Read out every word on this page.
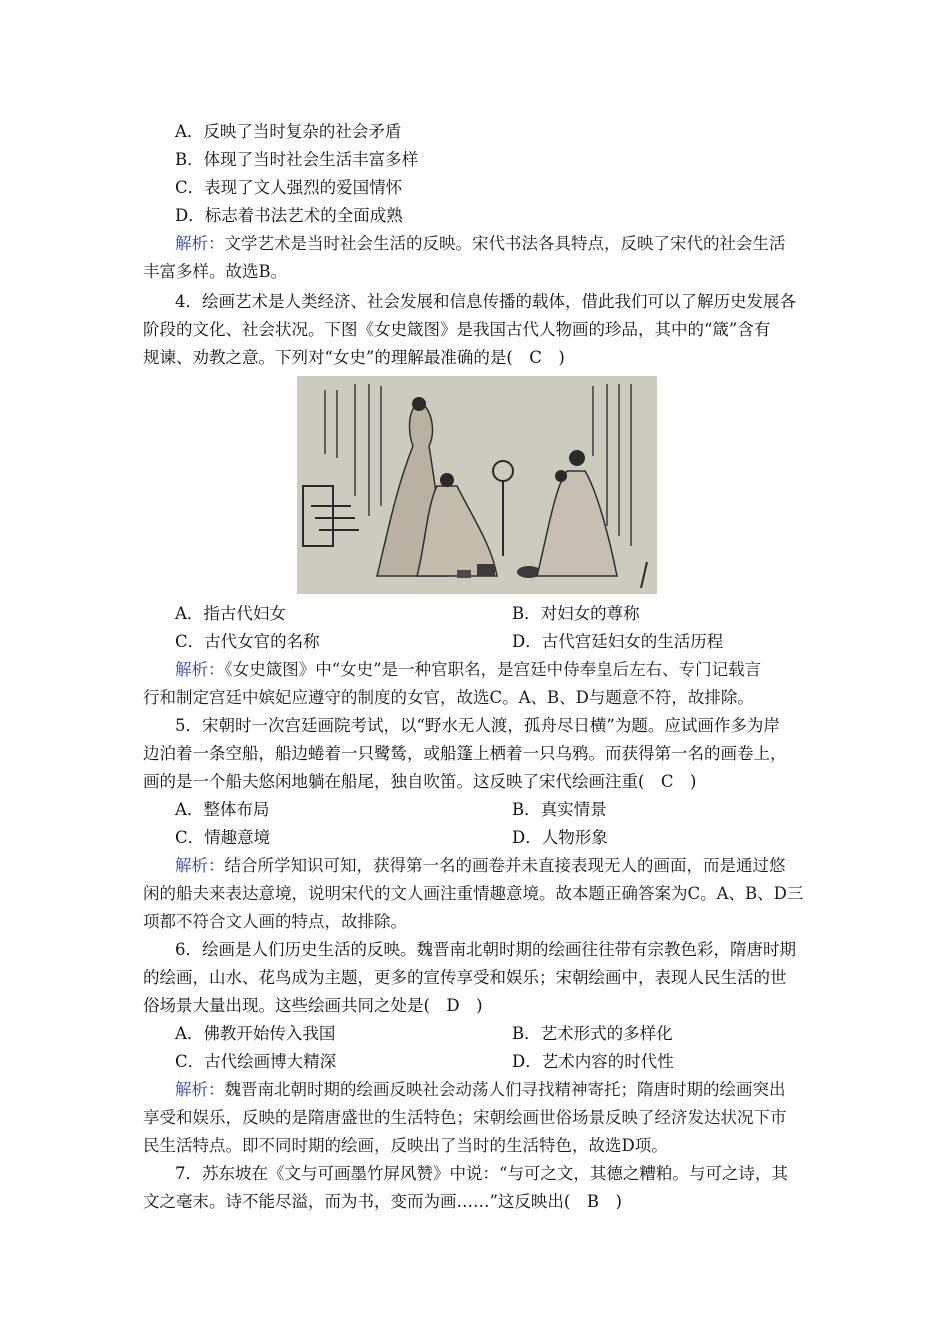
A．反映了当时复杂的社会矛盾
B．体现了当时社会生活丰富多样
C．表现了文人强烈的爱国情怀
D．标志着书法艺术的全面成熟
解析：文学艺术是当时社会生活的反映。宋代书法各具特点，反映了宋代的社会生活
丰富多样。故选B。
4．绘画艺术是人类经济、社会发展和信息传播的载体，借此我们可以了解历史发展各
阶段的文化、社会状况。下图《女史箴图》是我国古代人物画的珍品，其中的“箴”含有
规谏、劝教之意。下列对“女史”的理解最准确的是(　C　)
A．指古代妇女	B．对妇女的尊称
C．古代女官的名称	D．古代宫廷妇女的生活历程
解析：《女史箴图》中“女史”是一种官职名，是宫廷中侍奉皇后左右、专门记载言
行和制定宫廷中嫔妃应遵守的制度的女官，故选C。A、B、D与题意不符，故排除。
5．宋朝时一次宫廷画院考试，以“野水无人渡，孤舟尽日横”为题。应试画作多为岸
边泊着一条空船，船边蜷着一只鹭鸶，或船篷上栖着一只乌鸦。而获得第一名的画卷上，
画的是一个船夫悠闲地躺在船尾，独自吹笛。这反映了宋代绘画注重(　C　)
A．整体布局	B．真实情景
C．情趣意境	D．人物形象
解析：结合所学知识可知，获得第一名的画卷并未直接表现无人的画面，而是通过悠
闲的船夫来表达意境，说明宋代的文人画注重情趣意境。故本题正确答案为C。A、B、D三
项都不符合文人画的特点，故排除。
6．绘画是人们历史生活的反映。魏晋南北朝时期的绘画往往带有宗教色彩，隋唐时期
的绘画，山水、花鸟成为主题，更多的宣传享受和娱乐；宋朝绘画中，表现人民生活的世
俗场景大量出现。这些绘画共同之处是(　D　)
A．佛教开始传入我国	B．艺术形式的多样化
C．古代绘画博大精深	D．艺术内容的时代性
解析：魏晋南北朝时期的绘画反映社会动荡人们寻找精神寄托；隋唐时期的绘画突出
享受和娱乐，反映的是隋唐盛世的生活特色；宋朝绘画世俗场景反映了经济发达状况下市
民生活特点。即不同时期的绘画，反映出了当时的生活特色，故选D项。
7．苏东坡在《文与可画墨竹屏风赞》中说：“与可之文，其德之糟粕。与可之诗，其
文之毫末。诗不能尽溢，而为书，变而为画……”这反映出(　B　)
